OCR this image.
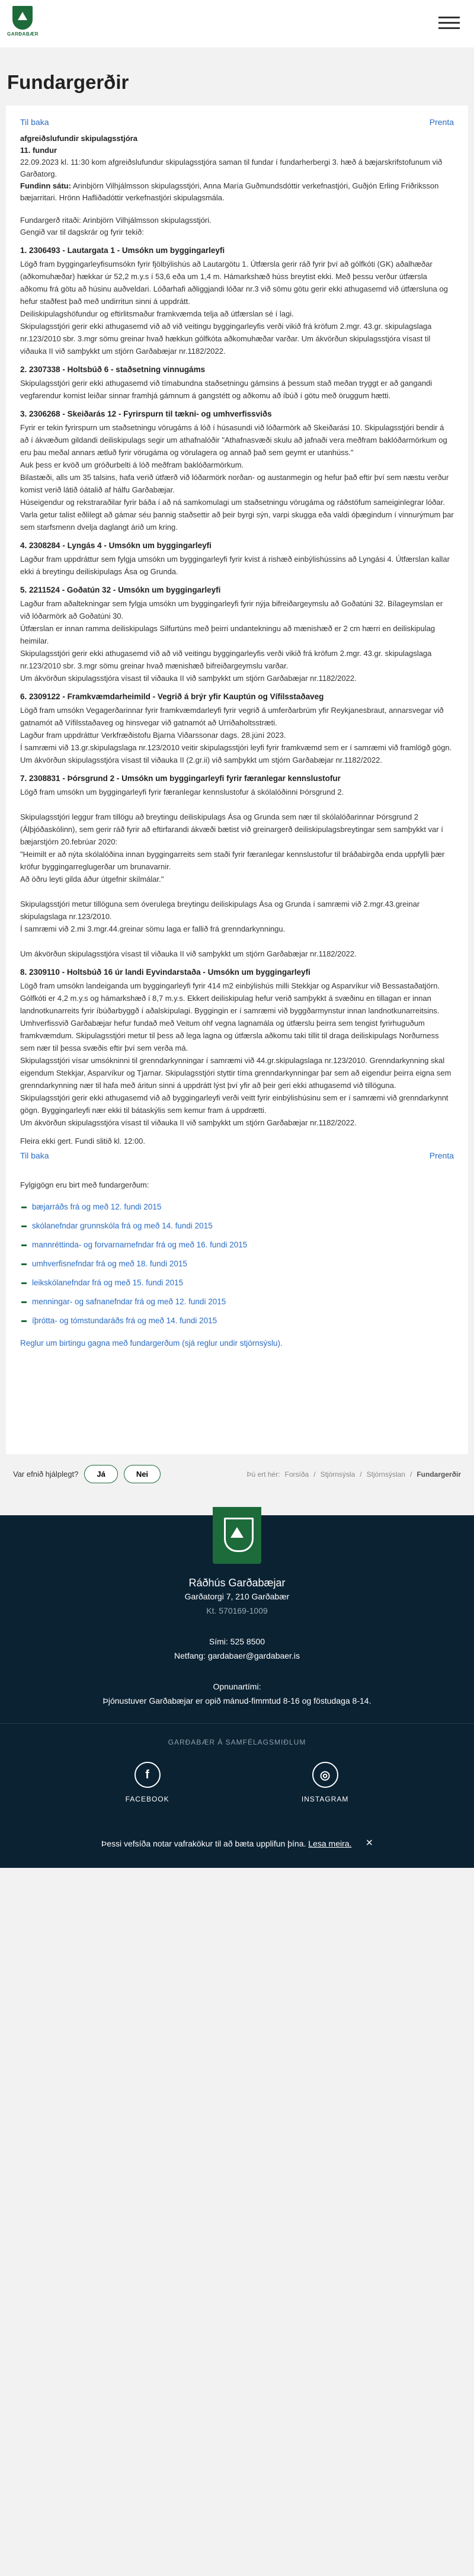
GARÐABÆR
Fundargerðir
Til baka	Prenta
afgreiðslufundir skipulagsstjóra
11. fundur
22.09.2023 kl. 11:30 kom afgreiðslufundur skipulagsstjóra saman til fundar í fundarherbergi 3. hæð á bæjarskrifstofunum við Garðatorg.
Fundinn sátu: Arinbjörn Vilhjálmsson skipulagsstjóri, Anna María Guðmundsdóttir verkefnastjóri, Guðjón Erling Friðriksson bæjarritari. Hrönn Hafliðadóttir verkefnastjóri skipulagsmála.
Fundargerð ritaði: Arinbjörn Vilhjálmsson skipulagsstjóri.
Gengið var til dagskrár og fyrir tekið:
1. 2306493 - Lautargata 1 - Umsókn um byggingarleyfi

Lögð fram byggingarleyfisumsókn fyrir fjölbýlishús að Lautargötu 1. Útfærsla gerir ráð fyrir því að gólfkóti (GK) aðalhæðar (aðkomuhæðar) hækkar úr 52,2 m.y.s í 53,6 eða um 1,4 m. Hámarkshæð húss breytist ekki. Með þessu verður útfærsla aðkomu frá götu að húsinu auðveldari. Lóðarhafi aðliggjandi lóðar nr.3 við sömu götu gerir ekki athugasemd við útfærsluna og hefur staðfest það með undirritun sinni á uppdrátt.
Deiliskipulagshöfundur og eftirlitsmaður framkvæmda telja að útfærslan sé í lagi.
Skipulagsstjóri gerir ekki athugasemd við að við veitingu byggingarleyfis verði vikið frá kröfum 2.mgr. 43.gr. skipulagslaga nr.123/2010 sbr. 3.mgr sömu greinar hvað hækkun gólfkóta aðkomuhæðar varðar. Um ákvörðun skipulagsstjóra vísast til viðauka II við samþykkt um stjórn Garðabæjar nr.1182/2022.

2. 2307338 - Holtsbúð 6 - staðsetning vinnugáms

Skipulagsstjóri gerir ekki athugasemd við tímabundna staðsetningu gámsins á þessum stað meðan tryggt er að gangandi vegfarendur komist leiðar sinnar framhjá gámnum á gangstétt og aðkomu að íbúð í götu með öruggum hætti.

3. 2306268 - Skeiðarás 12 - Fyrirspurn til tækni- og umhverfissviðs

Fyrir er tekin fyrirspurn um staðsetningu vörugáms á lóð í húsasundi við lóðarmörk að Skeiðarási 10. Skipulagsstjóri bendir á að í ákvæðum gildandi deiliskipulags segir um athafnalóðir "Athafnasvæði skulu að jafnaði vera meðfram baklóðarmörkum og eru þau meðal annars ætluð fyrir vörugáma og vörulagera og annað það sem geymt er utanhúss."
Auk þess er kvöð um gróðurbelti á lóð meðfram baklóðarmörkum.
Bilastæði, alls um 35 talsins, hafa verið útfærð við lóðarmörk norðan- og austanmegin og hefur það eftir því sem næstu verður komist verið látið óátalið af hálfu Garðabæjar.
Húseigendur og rekstraraðilar fyrir báða í að ná samkomulagi um staðsetningu vörugáma og ráðstöfum sameiginlegrar lóðar. Varla getur talist eðlilegt að gámar séu þannig staðsettir að þeir byrgi sýn, varpi skugga eða valdi óþægindum í vinnurýmum þar sem starfsmenn dvelja daglangt árið um kring.

4. 2308284 - Lyngás 4 - Umsókn um byggingarleyfi

Lagður fram uppdráttur sem fylgja umsókn um byggingarleyfi fyrir kvist á rishæð einbýlishússins að Lyngási 4. Útfærslan kallar ekki á breytingu deiliskipulags Ása og Grunda.

5. 2211524 - Goðatún 32 - Umsókn um byggingarleyfi

Lagður fram aðaltekningar sem fylgja umsókn um byggingarleyfi fyrir nýja bifreiðargeymslu að Goðatúni 32. Bílageymslan er við lóðarmörk að Goðatúni 30.
Útfærslan er innan ramma deiliskipulags Silfurtúns með þeirri undantekningu að mænishæð er 2 cm hærri en deiliskipulag heimilar.
Skipulagsstjóri gerir ekki athugasemd við að við veitingu byggingarleyfis verði vikið frá kröfum 2.mgr. 43.gr. skipulagslaga nr.123/2010 sbr. 3.mgr sömu greinar hvað mænishæð bifreiðargeymslu varðar.
Um ákvörðun skipulagsstjóra vísast til viðauka II við samþykkt um stjórn Garðabæjar nr.1182/2022.

6. 2309122 - Framkvæmdarheimild - Vegrið á brýr yfir Kauptún og Vífilsstaðaveg

Lögð fram umsókn Vegagerðarinnar fyrir framkvæmdarleyfi fyrir vegrið á umferðarbrúm yfir Reykjanesbraut, annarsvegar við gatnamót að Vífilsstaðaveg og hinsvegar við gatnamót að Urriðaholtsstræti.
Lagður fram uppdráttur Verkfræðistofu Bjarna Viðarssonar dags. 28.júní 2023.
Í samræmi við 13.gr.skipulagslaga nr.123/2010 veitir skipulagsstjóri leyfi fyrir framkvæmd sem er í samræmi við framlögð gögn.
Um ákvörðun skipulagsstjóra vísast til viðauka II (2.gr.ii) við samþykkt um stjórn Garðabæjar nr.1182/2022.

7. 2308831 - Þórsgrund 2 - Umsókn um byggingarleyfi fyrir færanlegar kennslustofur

Lögð fram umsókn um byggingarleyfi fyrir færanlegar kennslustofur á skólalóðinni Þórsgrund 2.

Skipulagsstjóri leggur fram tillögu að breytingu deiliskipulags Ása og Grunda sem nær til skólalóðarinnar Þórsgrund 2 (Álþjóðaskólinn), sem gerir ráð fyrir að eftirfarandi ákvæði bætist við greinargerð deiliskipulagsbreytingar sem samþykkt var í bæjarstjórn 20.febrúar 2020:
"Heimilt er að nýta skólalóðina innan byggingarreits sem staði fyrir færanlegar kennslustofur til bráðabirgða enda uppfylli þær kröfur byggingarreglugerðar um brunavarnir.
Að öðru leyti gilda áður útgefnir skilmálar."

Skipulagsstjóri metur tillöguna sem óverulega breytingu deiliskipulags Ása og Grunda í samræmi við 2.mgr.43.greinar skipulagslaga nr.123/2010.
Í samræmi við 2.mi 3.mgr.44.greinar sömu laga er fallið frá grenndarkynningu.

Um ákvörðun skipulagsstjóra vísast til viðauka II við samþykkt um stjórn Garðabæjar nr.1182/2022.

8. 2309110 - Holtsbúð 16 úr landi Eyvindarstaða - Umsókn um byggingarleyfi

Lögð fram umsókn landeiganda um byggingarleyfi fyrir 414 m2 einbýlishús milli Stekkjar og Asparvíkur við Bessastaðatjörn. Gólfkóti er 4,2 m.y.s og hámarkshæð í 8,7 m.y.s. Ekkert deiliskipulag hefur verið samþykkt á svæðinu en tillagan er innan landnotkunarreits fyrir íbúðarbyggð í aðalskipulagi. Byggingin er í samræmi við byggðarmynstur innan landnotkunarreitsins.
Umhverfissvið Garðabæjar hefur fundað með Veitum ohf vegna lagnamála og útfærslu þeirra sem tengist fyrirhuguðum framkvæmdum. Skipulagsstjóri metur til þess að lega lagna og útfærsla aðkomu taki tillit til draga deiliskipulags Norðurness sem nær til þessa svæðis eftir því sem verða má.
Skipulagsstjóri vísar umsókninni til grenndarkynningar í samræmi við 44.gr.skipulagslaga nr.123/2010. Grenndarkynning skal eigendum Stekkjar, Asparvíkur og Tjarnar. Skipulagsstjóri styttir tíma grenndarkynningar þar sem að eigendur þeirra eigna sem grenndarkynning nær til hafa með áritun sinni á uppdrátt lýst því yfir að þeir geri ekki athugasemd við tillöguna.
Skipulagsstjóri gerir ekki athugasemd við að byggingarleyfi verði veitt fyrir einbýlishúsinu sem er í samræmi við grenndarkynnt gögn. Byggingarleyfi nær ekki til bátaskýlis sem kemur fram á uppdrætti.
Um ákvörðun skipulagsstjóra vísast til viðauka II við samþykkt um stjórn Garðabæjar nr.1182/2022.

Fleira ekki gert. Fundi slitið kl. 12:00.
Til baka	Prenta
Fylgigögn eru birt með fundargerðum:
bæjarráðs frá og með 12. fundi 2015
skólanefndar grunnskóla frá og með 14. fundi 2015
mannréttinda- og forvarnarnefndar frá og með 16. fundi 2015
umhverfisnefndar frá og með 18. fundi 2015
leikskólanefndar frá og með 15. fundi 2015
menningar- og safnanefndar frá og með 12. fundi 2015
íþrótta- og tómstundaráðs frá og með 14. fundi 2015
Reglur um birtingu gagna með fundargerðum (sjá reglur undir stjórnsýslu).
Var efnið hjálplegt?	Já	Nei	Þú ert hér: Forsíða / Stjórnsýsla / Stjórnsýslan / Fundargerðir
Ráðhús Garðabæjar
Garðatorgi 7, 210 Garðabær
Kt. 570169-1009
Sími: 525 8500
Netfang: gardabaer@gardabaer.is
Opnunartími:
Þjónustuver Garðabæjar er opið mánud-fimmtud 8-16 og föstudaga 8-14.
GARÐABÆR Á SAMFÉLAGSMIÐLUM
f
FACEBOOK
◎
INSTAGRAM
Þessi vefsíða notar vafrakökur til að bæta upplifun þína. Lesa meira. ×
